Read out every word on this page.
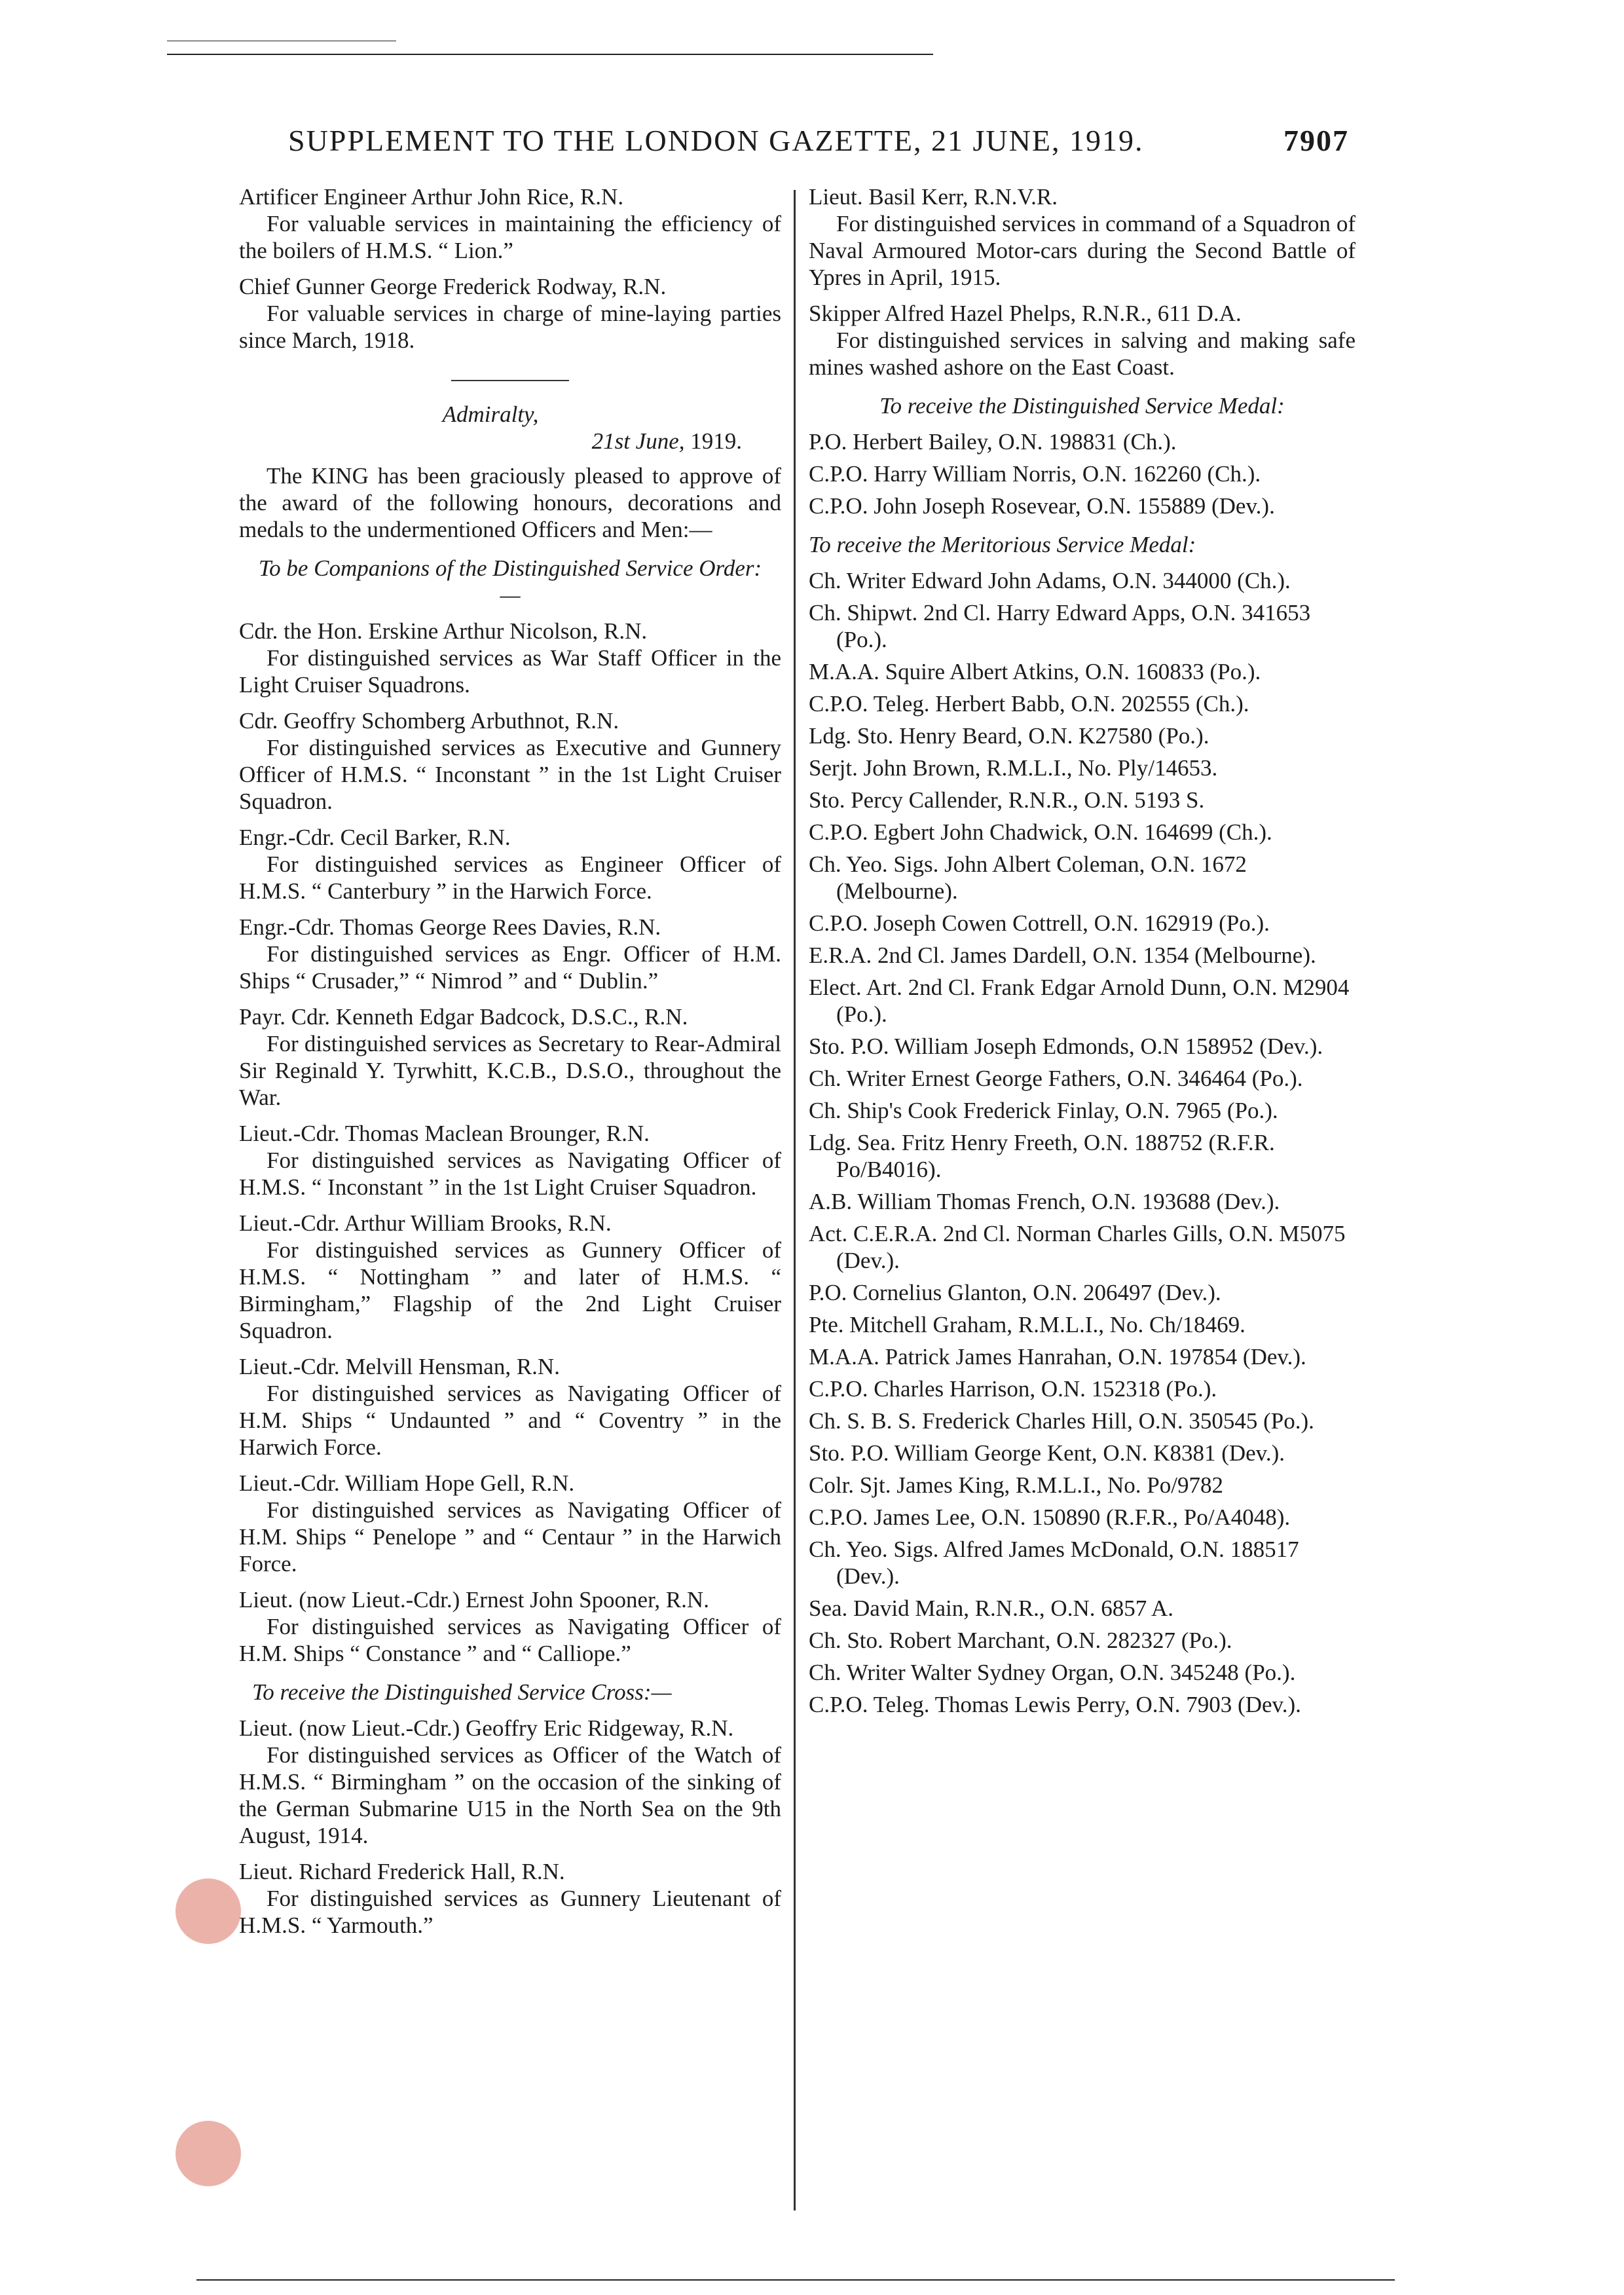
SUPPLEMENT TO THE LONDON GAZETTE, 21 JUNE, 1919.	7907
Artificer Engineer Arthur John Rice, R.N.
For valuable services in maintaining the efficiency of the boilers of H.M.S. “ Lion.”
Chief Gunner George Frederick Rodway, R.N.
For valuable services in charge of mine-laying parties since March, 1918.
Admiralty,
21st June, 1919.
The KING has been graciously pleased to approve of the award of the following honours, decorations and medals to the undermentioned Officers and Men:—
To be Companions of the Distinguished Service Order:—
Cdr. the Hon. Erskine Arthur Nicolson, R.N.
For distinguished services as War Staff Officer in the Light Cruiser Squadrons.
Cdr. Geoffry Schomberg Arbuthnot, R.N.
For distinguished services as Executive and Gunnery Officer of H.M.S. “ Inconstant ” in the 1st Light Cruiser Squadron.
Engr.-Cdr. Cecil Barker, R.N.
For distinguished services as Engineer Officer of H.M.S. “ Canterbury ” in the Harwich Force.
Engr.-Cdr. Thomas George Rees Davies, R.N.
For distinguished services as Engr. Officer of H.M. Ships “ Crusader,” “ Nimrod ” and “ Dublin.”
Payr. Cdr. Kenneth Edgar Badcock, D.S.C., R.N.
For distinguished services as Secretary to Rear-Admiral Sir Reginald Y. Tyrwhitt, K.C.B., D.S.O., throughout the War.
Lieut.-Cdr. Thomas Maclean Brounger, R.N.
For distinguished services as Navigating Officer of H.M.S. “ Inconstant ” in the 1st Light Cruiser Squadron.
Lieut.-Cdr. Arthur William Brooks, R.N.
For distinguished services as Gunnery Officer of H.M.S. “ Nottingham ” and later of H.M.S. “ Birmingham,” Flagship of the 2nd Light Cruiser Squadron.
Lieut.-Cdr. Melvill Hensman, R.N.
For distinguished services as Navigating Officer of H.M. Ships “ Undaunted ” and “ Coventry ” in the Harwich Force.
Lieut.-Cdr. William Hope Gell, R.N.
For distinguished services as Navigating Officer of H.M. Ships “ Penelope ” and “ Centaur ” in the Harwich Force.
Lieut. (now Lieut.-Cdr.) Ernest John Spooner, R.N.
For distinguished services as Navigating Officer of H.M. Ships “ Constance ” and “ Calliope.”
To receive the Distinguished Service Cross:—
Lieut. (now Lieut.-Cdr.) Geoffry Eric Ridgeway, R.N.
For distinguished services as Officer of the Watch of H.M.S. “ Birmingham ” on the occasion of the sinking of the German Submarine U15 in the North Sea on the 9th August, 1914.
Lieut. Richard Frederick Hall, R.N.
For distinguished services as Gunnery Lieutenant of H.M.S. “ Yarmouth.”
Lieut. Basil Kerr, R.N.V.R.
For distinguished services in command of a Squadron of Naval Armoured Motor-cars during the Second Battle of Ypres in April, 1915.
Skipper Alfred Hazel Phelps, R.N.R., 611 D.A.
For distinguished services in salving and making safe mines washed ashore on the East Coast.
To receive the Distinguished Service Medal:
P.O. Herbert Bailey, O.N. 198831 (Ch.).
C.P.O. Harry William Norris, O.N. 162260 (Ch.).
C.P.O. John Joseph Rosevear, O.N. 155889 (Dev.).
To receive the Meritorious Service Medal:
Ch. Writer Edward John Adams, O.N. 344000 (Ch.).
Ch. Shipwt. 2nd Cl. Harry Edward Apps, O.N. 341653 (Po.).
M.A.A. Squire Albert Atkins, O.N. 160833 (Po.).
C.P.O. Teleg. Herbert Babb, O.N. 202555 (Ch.).
Ldg. Sto. Henry Beard, O.N. K27580 (Po.).
Serjt. John Brown, R.M.L.I., No. Ply/14653.
Sto. Percy Callender, R.N.R., O.N. 5193 S.
C.P.O. Egbert John Chadwick, O.N. 164699 (Ch.).
Ch. Yeo. Sigs. John Albert Coleman, O.N. 1672 (Melbourne).
C.P.O. Joseph Cowen Cottrell, O.N. 162919 (Po.).
E.R.A. 2nd Cl. James Dardell, O.N. 1354 (Melbourne).
Elect. Art. 2nd Cl. Frank Edgar Arnold Dunn, O.N. M2904 (Po.).
Sto. P.O. William Joseph Edmonds, O.N 158952 (Dev.).
Ch. Writer Ernest George Fathers, O.N. 346464 (Po.).
Ch. Ship's Cook Frederick Finlay, O.N. 7965 (Po.).
Ldg. Sea. Fritz Henry Freeth, O.N. 188752 (R.F.R. Po/B4016).
A.B. William Thomas French, O.N. 193688 (Dev.).
Act. C.E.R.A. 2nd Cl. Norman Charles Gills, O.N. M5075 (Dev.).
P.O. Cornelius Glanton, O.N. 206497 (Dev.).
Pte. Mitchell Graham, R.M.L.I., No. Ch/18469.
M.A.A. Patrick James Hanrahan, O.N. 197854 (Dev.).
C.P.O. Charles Harrison, O.N. 152318 (Po.).
Ch. S. B. S. Frederick Charles Hill, O.N. 350545 (Po.).
Sto. P.O. William George Kent, O.N. K8381 (Dev.).
Colr. Sjt. James King, R.M.L.I., No. Po/9782
C.P.O. James Lee, O.N. 150890 (R.F.R., Po/A4048).
Ch. Yeo. Sigs. Alfred James McDonald, O.N. 188517 (Dev.).
Sea. David Main, R.N.R., O.N. 6857 A.
Ch. Sto. Robert Marchant, O.N. 282327 (Po.).
Ch. Writer Walter Sydney Organ, O.N. 345248 (Po.).
C.P.O. Teleg. Thomas Lewis Perry, O.N. 7903 (Dev.).
